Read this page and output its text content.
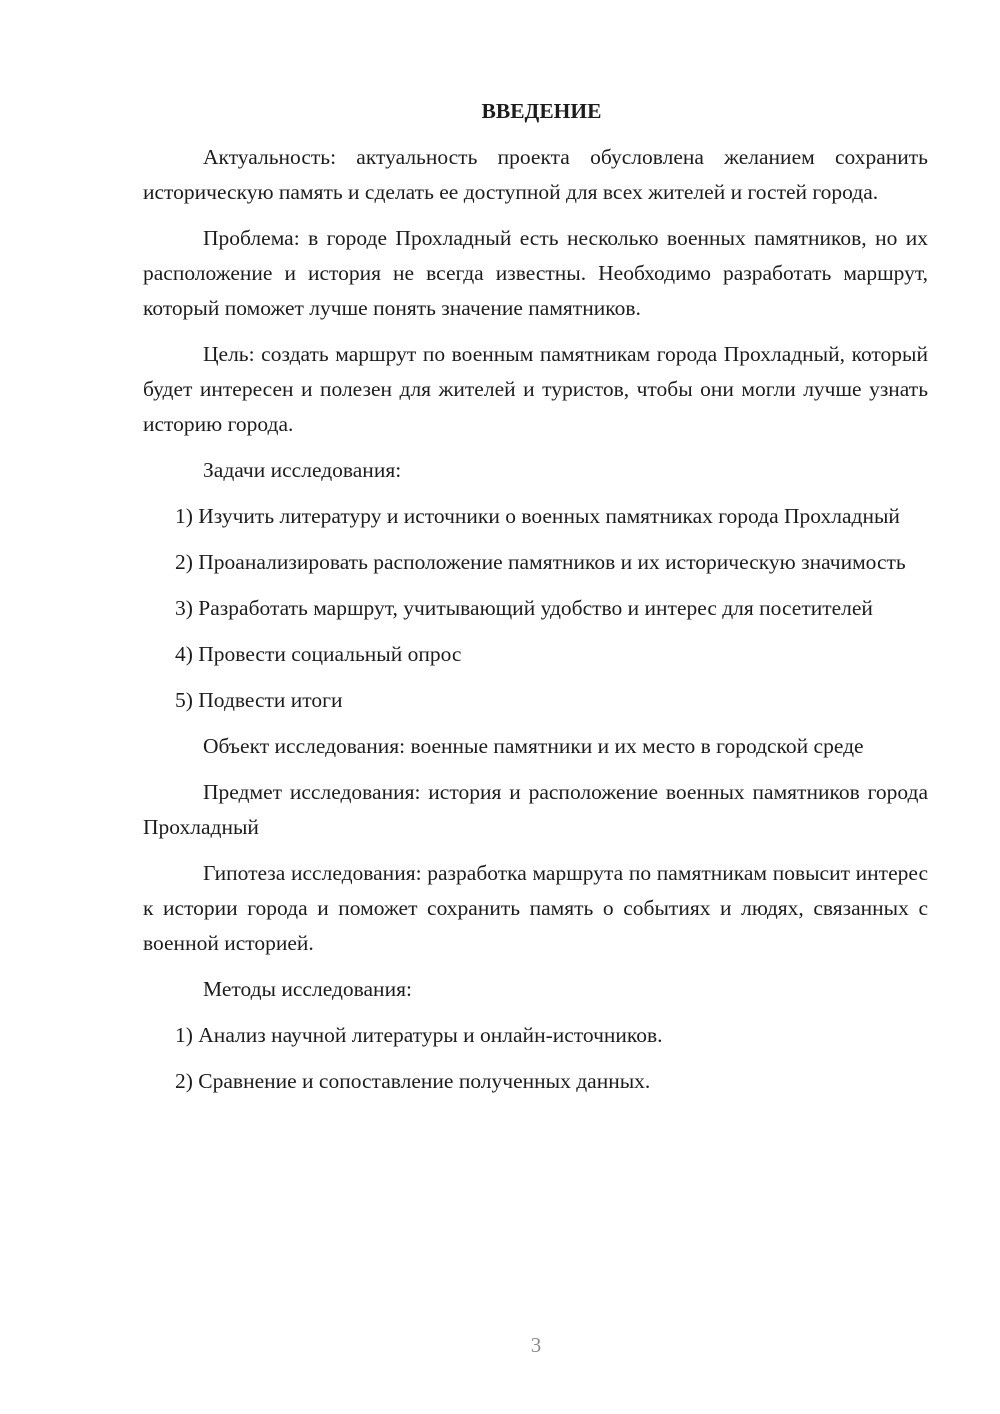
ВВЕДЕНИЕ
Актуальность: актуальность проекта обусловлена желанием сохранить историческую память и сделать ее доступной для всех жителей и гостей города.
Проблема: в городе Прохладный есть несколько военных памятников, но их расположение и история не всегда известны. Необходимо разработать маршрут, который поможет лучше понять значение памятников.
Цель: создать маршрут по военным памятникам города Прохладный, который будет интересен и полезен для жителей и туристов, чтобы они могли лучше узнать историю города.
Задачи исследования:
1) Изучить литературу и источники о военных памятниках города Прохладный
2) Проанализировать расположение памятников и их историческую значимость
3) Разработать маршрут, учитывающий удобство и интерес для посетителей
4) Провести социальный опрос
5) Подвести итоги
Объект исследования: военные памятники и их место в городской среде
Предмет исследования: история и расположение военных памятников города Прохладный
Гипотеза исследования: разработка маршрута по памятникам повысит интерес к истории города и поможет сохранить память о событиях и людях, связанных с военной историей.
Методы исследования:
1) Анализ научной литературы и онлайн-источников.
2) Сравнение и сопоставление полученных данных.
3
